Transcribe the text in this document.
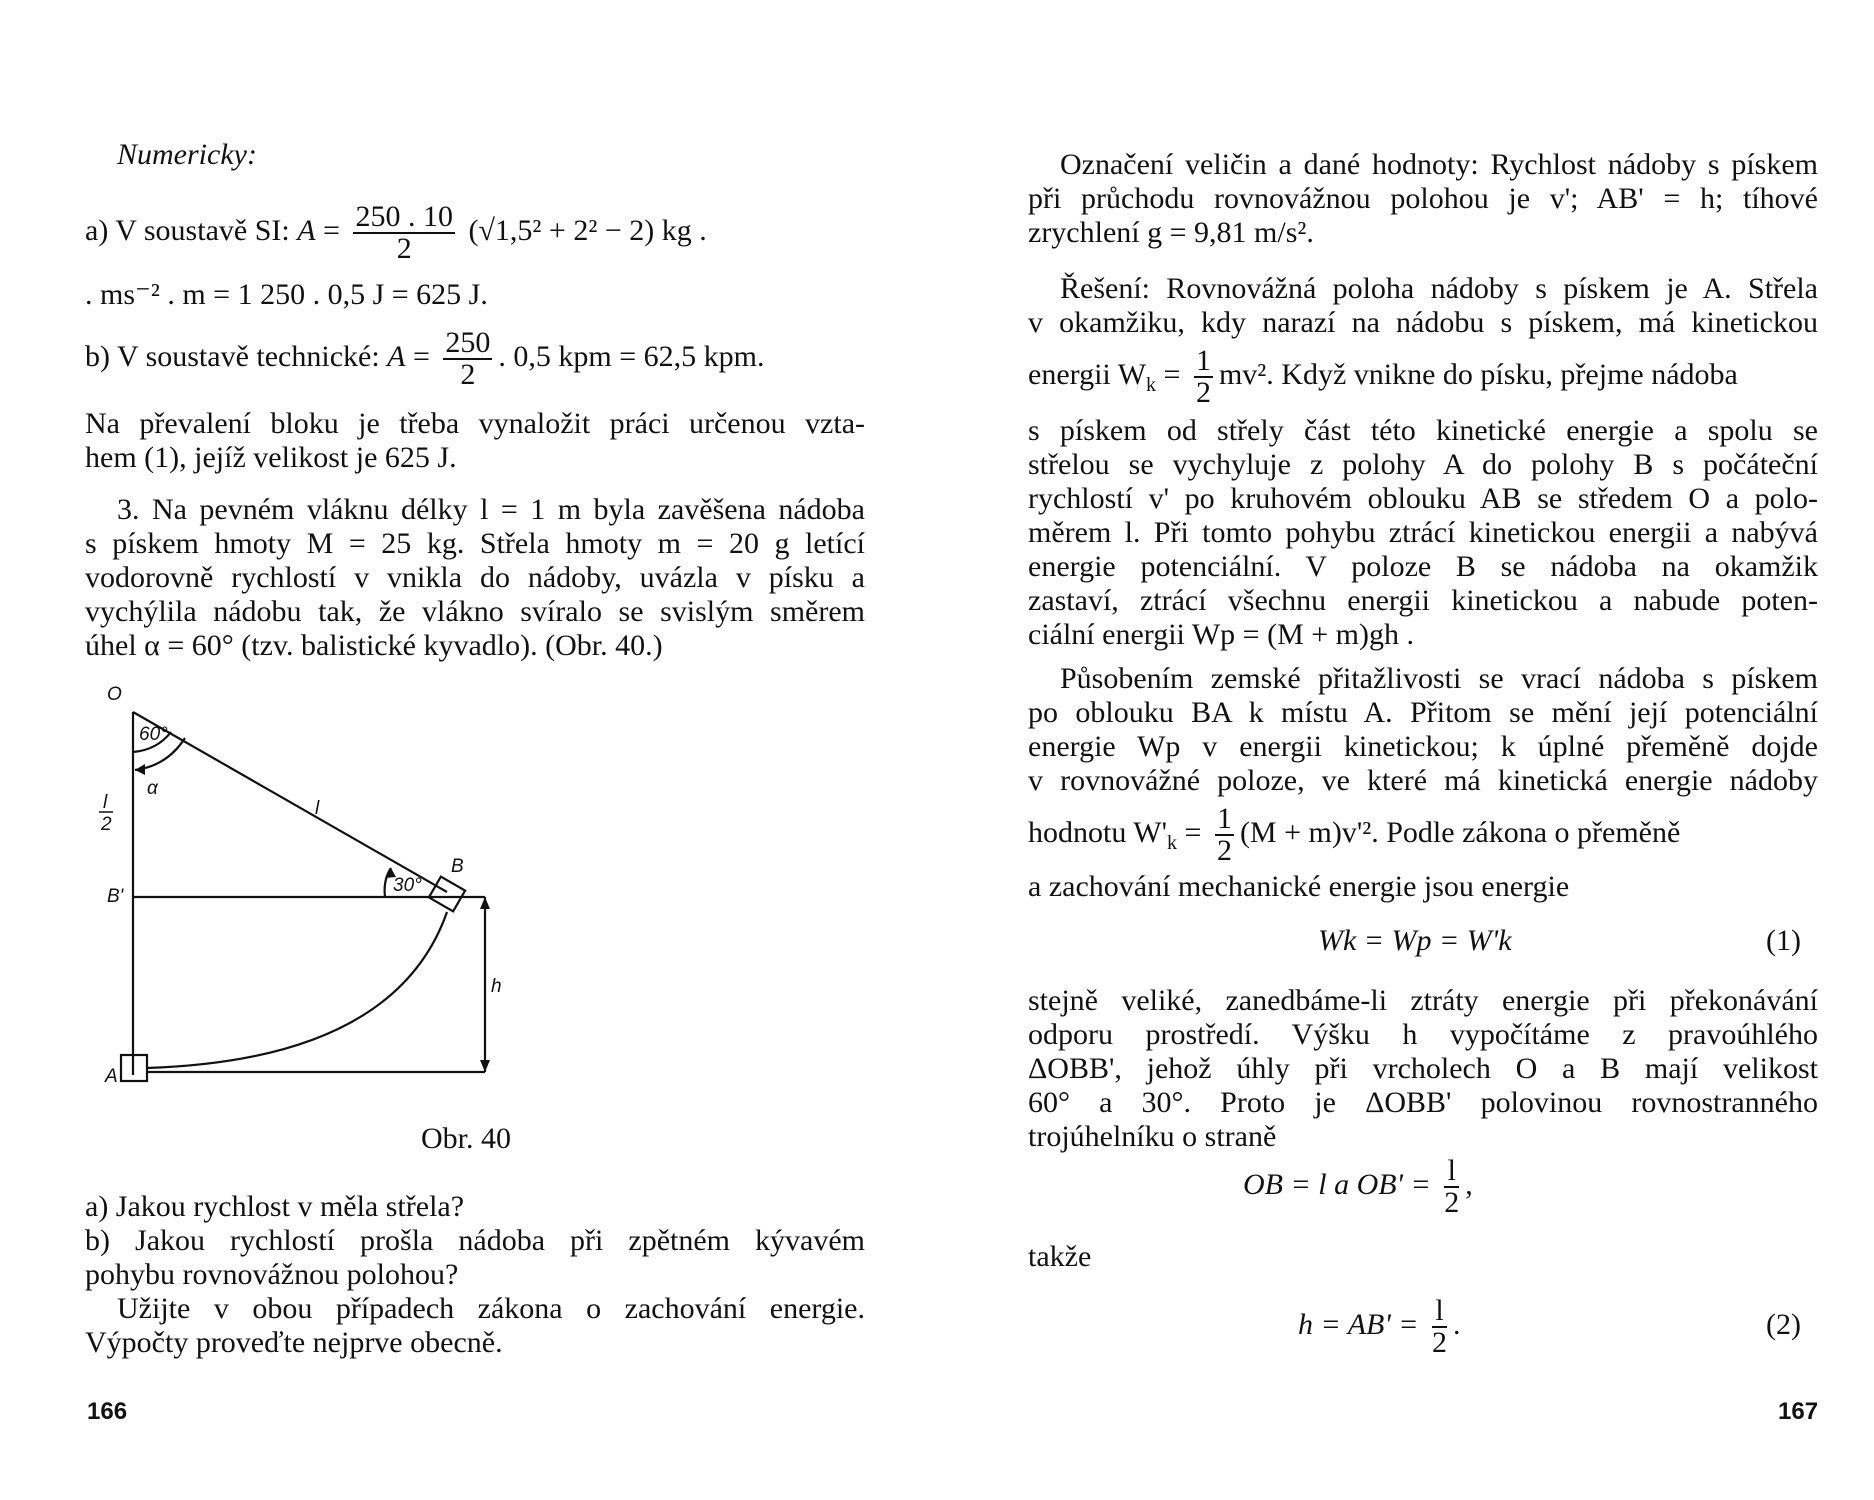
Numericky:
a) V soustavě SI: $A = \frac{250 . 10}{2} (√1,5^2 + 2^2 - 2)$ kg .
. ms⁻² . m = 1 250 . 0,5 J = 625 J.
b) V soustavě technické: $A = \frac{250}{2}$ . 0,5 kpm = 62,5 kpm.
Na převalení bloku je třeba vynaložit práci určenou vzta-
hem (1), jejíž velikost je 625 J.
3. Na pevném vláknu délky l = 1 m byla zavěšena nádoba
s pískem hmoty M = 25 kg. Střela hmoty m = 20 g letící
vodorovně rychlostí v vnikla do nádoby, uvázla v písku a
vychýlila nádobu tak, že vlákno svíralo se svislým směrem
úhel α = 60° (tzv. balistické kyvadlo). (Obr. 40.)
O
60°
α
l
l
2
30°
B
B'
h
A
Obr. 40
a) Jakou rychlost v měla střela?
b) Jakou rychlostí prošla nádoba při zpětném kývavém
pohybu rovnovážnou polohou?
Užijte v obou případech zákona o zachování energie.
Výpočty proveďte nejprve obecně.
166
Označení veličin a dané hodnoty: Rychlost nádoby s pískem
při průchodu rovnovážnou polohou je v'; AB' = h; tíhové
zrychlení g = 9,81 m/s².
Řešení: Rovnovážná poloha nádoby s pískem je A. Střela
v okamžiku, kdy narazí na nádobu s pískem, má kinetickou
energii $W_k = \frac{1}{2} mv^2$. Když vnikne do písku, přejme nádoba
s pískem od střely část této kinetické energie a spolu se
střelou se vychyluje z polohy A do polohy B s počáteční
rychlostí v' po kruhovém oblouku AB se středem O a polo-
měrem l. Při tomto pohybu ztrácí kinetickou energii a nabývá
energie potenciální. V poloze B se nádoba na okamžik
zastaví, ztrácí všechnu energii kinetickou a nabude poten-
ciální energii Wp = (M + m)gh .
Působením zemské přitažlivosti se vrací nádoba s pískem
po oblouku BA k místu A. Přitom se mění její potenciální
energie Wp v energii kinetickou; k úplné přeměně dojde
v rovnovážné poloze, ve které má kinetická energie nádoby
hodnotu $W'_k = \frac{1}{2} (M + m)v'^2$. Podle zákona o přeměně
a zachování mechanické energie jsou energie
Wk = Wp = W'k	(1)
stejně veliké, zanedbáme-li ztráty energie při překonávání
odporu prostředí. Výšku h vypočítáme z pravoúhlého
ΔOBB', jehož úhly při vrcholech O a B mají velikost
60° a 30°. Proto je ΔOBB' polovinou rovnostranného
trojúhelníku o straně
OB = l a $OB' = \frac{l}{2}$ ,
takže
$h = AB' = \frac{l}{2}$ .	(2)
167
